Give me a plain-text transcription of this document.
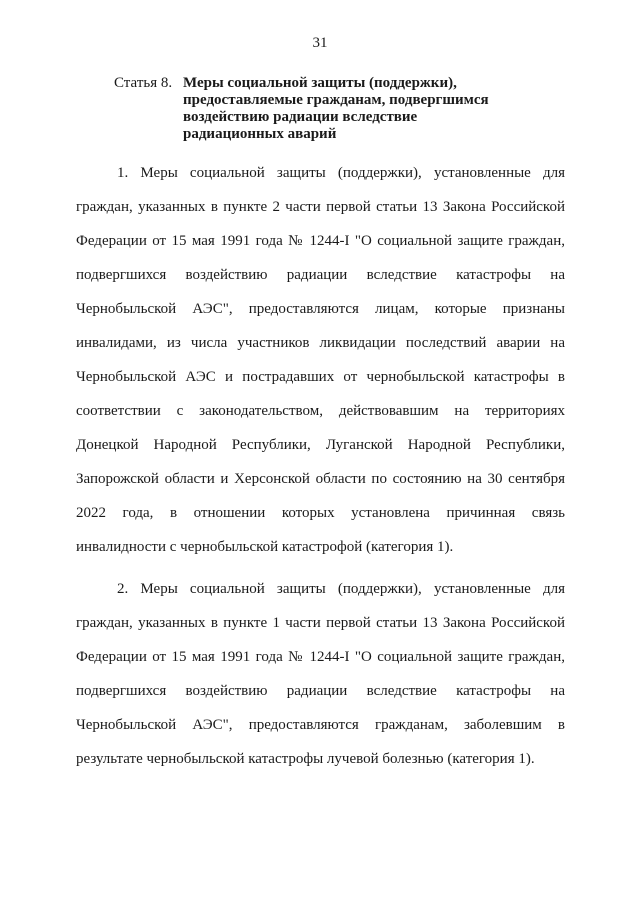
31
Статья 8. Меры социальной защиты (поддержки), предоставляемые гражданам, подвергшимся воздействию радиации вследствие радиационных аварий

1. Меры социальной защиты (поддержки), установленные для граждан, указанных в пункте 2 части первой статьи 13 Закона Российской Федерации от 15 мая 1991 года № 1244-I "О социальной защите граждан, подвергшихся воздействию радиации вследствие катастрофы на Чернобыльской АЭС", предоставляются лицам, которые признаны инвалидами, из числа участников ликвидации последствий аварии на Чернобыльской АЭС и пострадавших от чернобыльской катастрофы в соответствии с законодательством, действовавшим на территориях Донецкой Народной Республики, Луганской Народной Республики, Запорожской области и Херсонской области по состоянию на 30 сентября 2022 года, в отношении которых установлена причинная связь инвалидности с чернобыльской катастрофой (категория 1).

2. Меры социальной защиты (поддержки), установленные для граждан, указанных в пункте 1 части первой статьи 13 Закона Российской Федерации от 15 мая 1991 года № 1244-I "О социальной защите граждан, подвергшихся воздействию радиации вследствие катастрофы на Чернобыльской АЭС", предоставляются гражданам, заболевшим в результате чернобыльской катастрофы лучевой болезнью (категория 1).
